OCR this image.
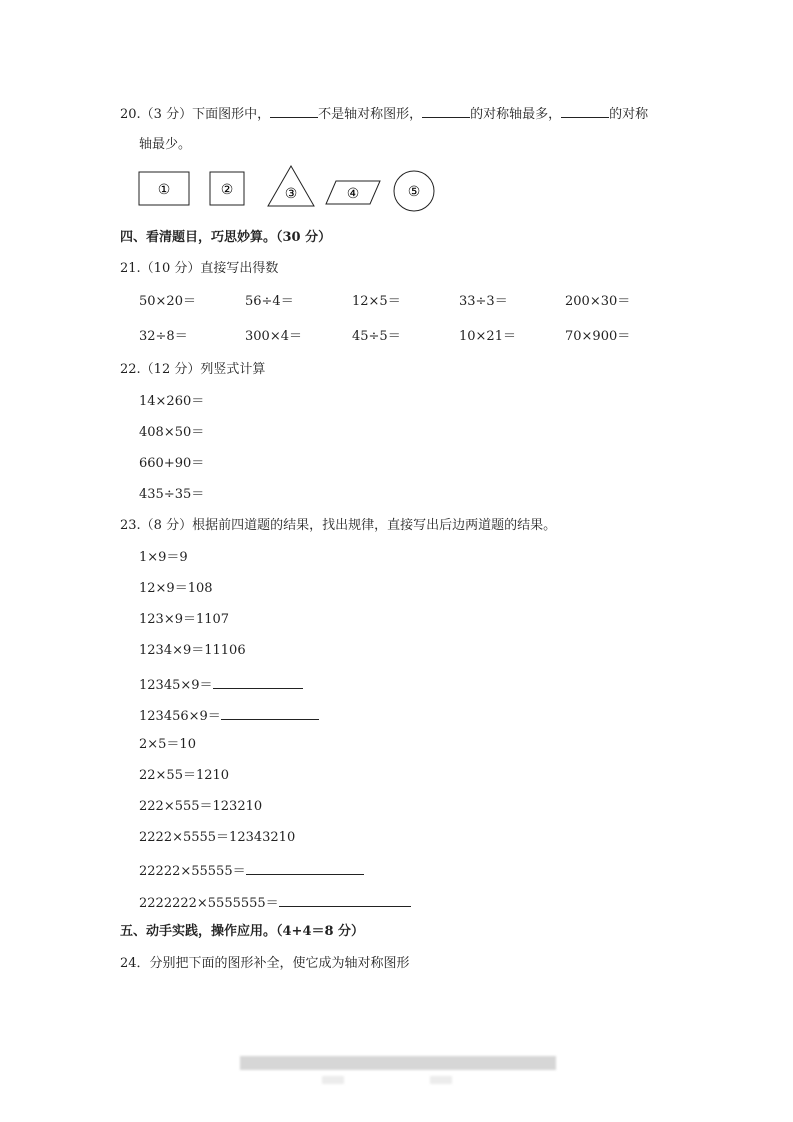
20.（3 分）下面图形中，	不是轴对称图形，	的对称轴最多，	的对称
轴最少。
①	②	③	④	⑤
四、看清题目，巧思妙算。（30 分）
21.（10 分）直接写出得数
50×20＝	56÷4＝	12×5＝	33÷3＝	200×30＝
32÷8＝	300×4＝	45÷5＝	10×21＝	70×900＝
22.（12 分）列竖式计算
14×260＝
408×50＝
660+90＝
435÷35＝
23.（8 分）根据前四道题的结果，找出规律，直接写出后边两道题的结果。
1×9＝9
12×9＝108
123×9＝1107
1234×9＝11106
12345×9＝
123456×9＝
2×5＝10
22×55＝1210
222×555＝123210
2222×5555＝12343210
22222×55555＝
2222222×5555555＝
五、动手实践，操作应用。（4+4＝8 分）
24．分别把下面的图形补全，使它成为轴对称图形
